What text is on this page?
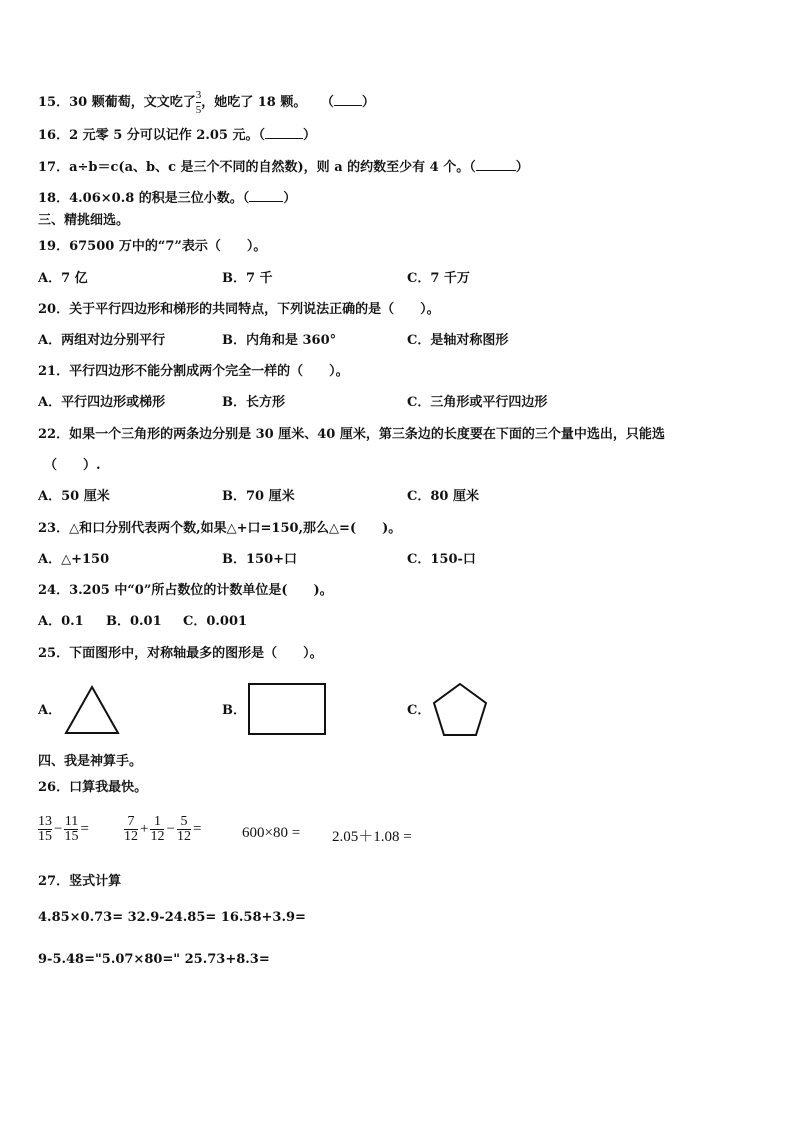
15．30 颗葡萄，文文吃了 $\frac{3}{5}$ ，她吃了 18 颗。 （ ）
16．2 元零 5 分可以记作 2.05 元。（	）
17．a÷b＝c(a、b、c 是三个不同的自然数)，则 a 的约数至少有 4 个。（	）
18．4.06×0.8 的积是三位小数。（	）
三、精挑细选。
19．67500 万中的“7”表示（　　）。
A．7 亿	B．7 千	C．7 千万
20．关于平行四边形和梯形的共同特点，下列说法正确的是（　　）。
A．两组对边分别平行	B．内角和是 360°	C．是轴对称图形
21．平行四边形不能分割成两个完全一样的（　　）。
A．平行四边形或梯形	B．长方形	C．三角形或平行四边形
22．如果一个三角形的两条边分别是 30 厘米、40 厘米，第三条边的长度要在下面的三个量中选出，只能选
（　　）.
A．50 厘米	B．70 厘米	C．80 厘米
23．△和口分别代表两个数,如果△+口=150,那么△=(　　)。
A．△+150	B．150+口	C．150-口
24．3.205 中“0”所占数位的计数单位是(　　)。
A．0.1 B．0.01 C．0.001
25．下面图形中，对称轴最多的图形是（　　）。
A．	B．	C．
四、我是神算手。
26．口算我最快。
$\frac{13}{15} - \frac{11}{15}$ =	$\frac{7}{12} + \frac{1}{12} - \frac{5}{12}$ =	600×80 = 2.05＋1.08 =
27．竖式计算
4.85×0.73= 32.9-24.85= 16.58+3.9=
9-5.48="5.07×80=" 25.73+8.3=
